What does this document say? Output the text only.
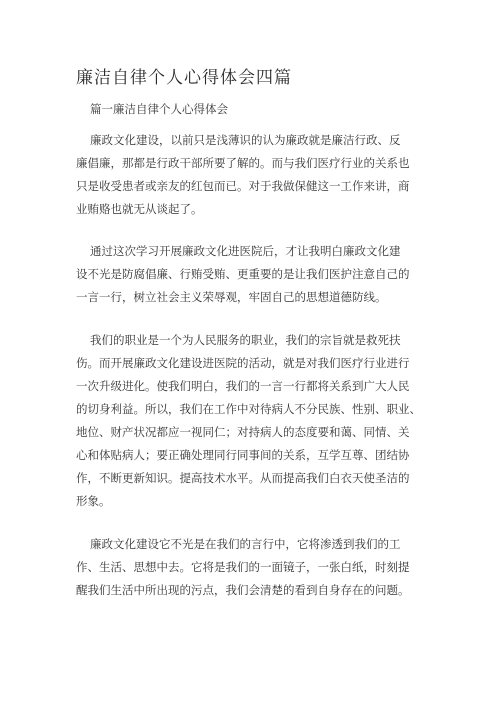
廉洁自律个人心得体会四篇
篇一廉洁自律个人心得体会
廉政文化建设，以前只是浅薄识的认为廉政就是廉洁行政、反
廉倡廉，那都是行政干部所要了解的。而与我们医疗行业的关系也
只是收受患者或亲友的红包而已。对于我做保健这一工作来讲，商
业贿赂也就无从谈起了。
通过这次学习开展廉政文化进医院后，才让我明白廉政文化建
设不光是防腐倡廉、行贿受贿、更重要的是让我们医护注意自己的
一言一行，树立社会主义荣辱观，牢固自己的思想道德防线。
我们的职业是一个为人民服务的职业，我们的宗旨就是救死扶
伤。而开展廉政文化建设进医院的活动，就是对我们医疗行业进行
一次升级进化。使我们明白，我们的一言一行都将关系到广大人民
的切身利益。所以，我们在工作中对待病人不分民族、性别、职业、
地位、财产状况都应一视同仁；对持病人的态度要和蔼、同情、关
心和体贴病人；要正确处理同行同事间的关系，互学互尊、团结协
作，不断更新知识。提高技术水平。从而提高我们白衣天使圣洁的
形象。
廉政文化建设它不光是在我们的言行中，它将渗透到我们的工
作、生活、思想中去。它将是我们的一面镜子，一张白纸，时刻提
醒我们生活中所出现的污点，我们会清楚的看到自身存在的问题。
